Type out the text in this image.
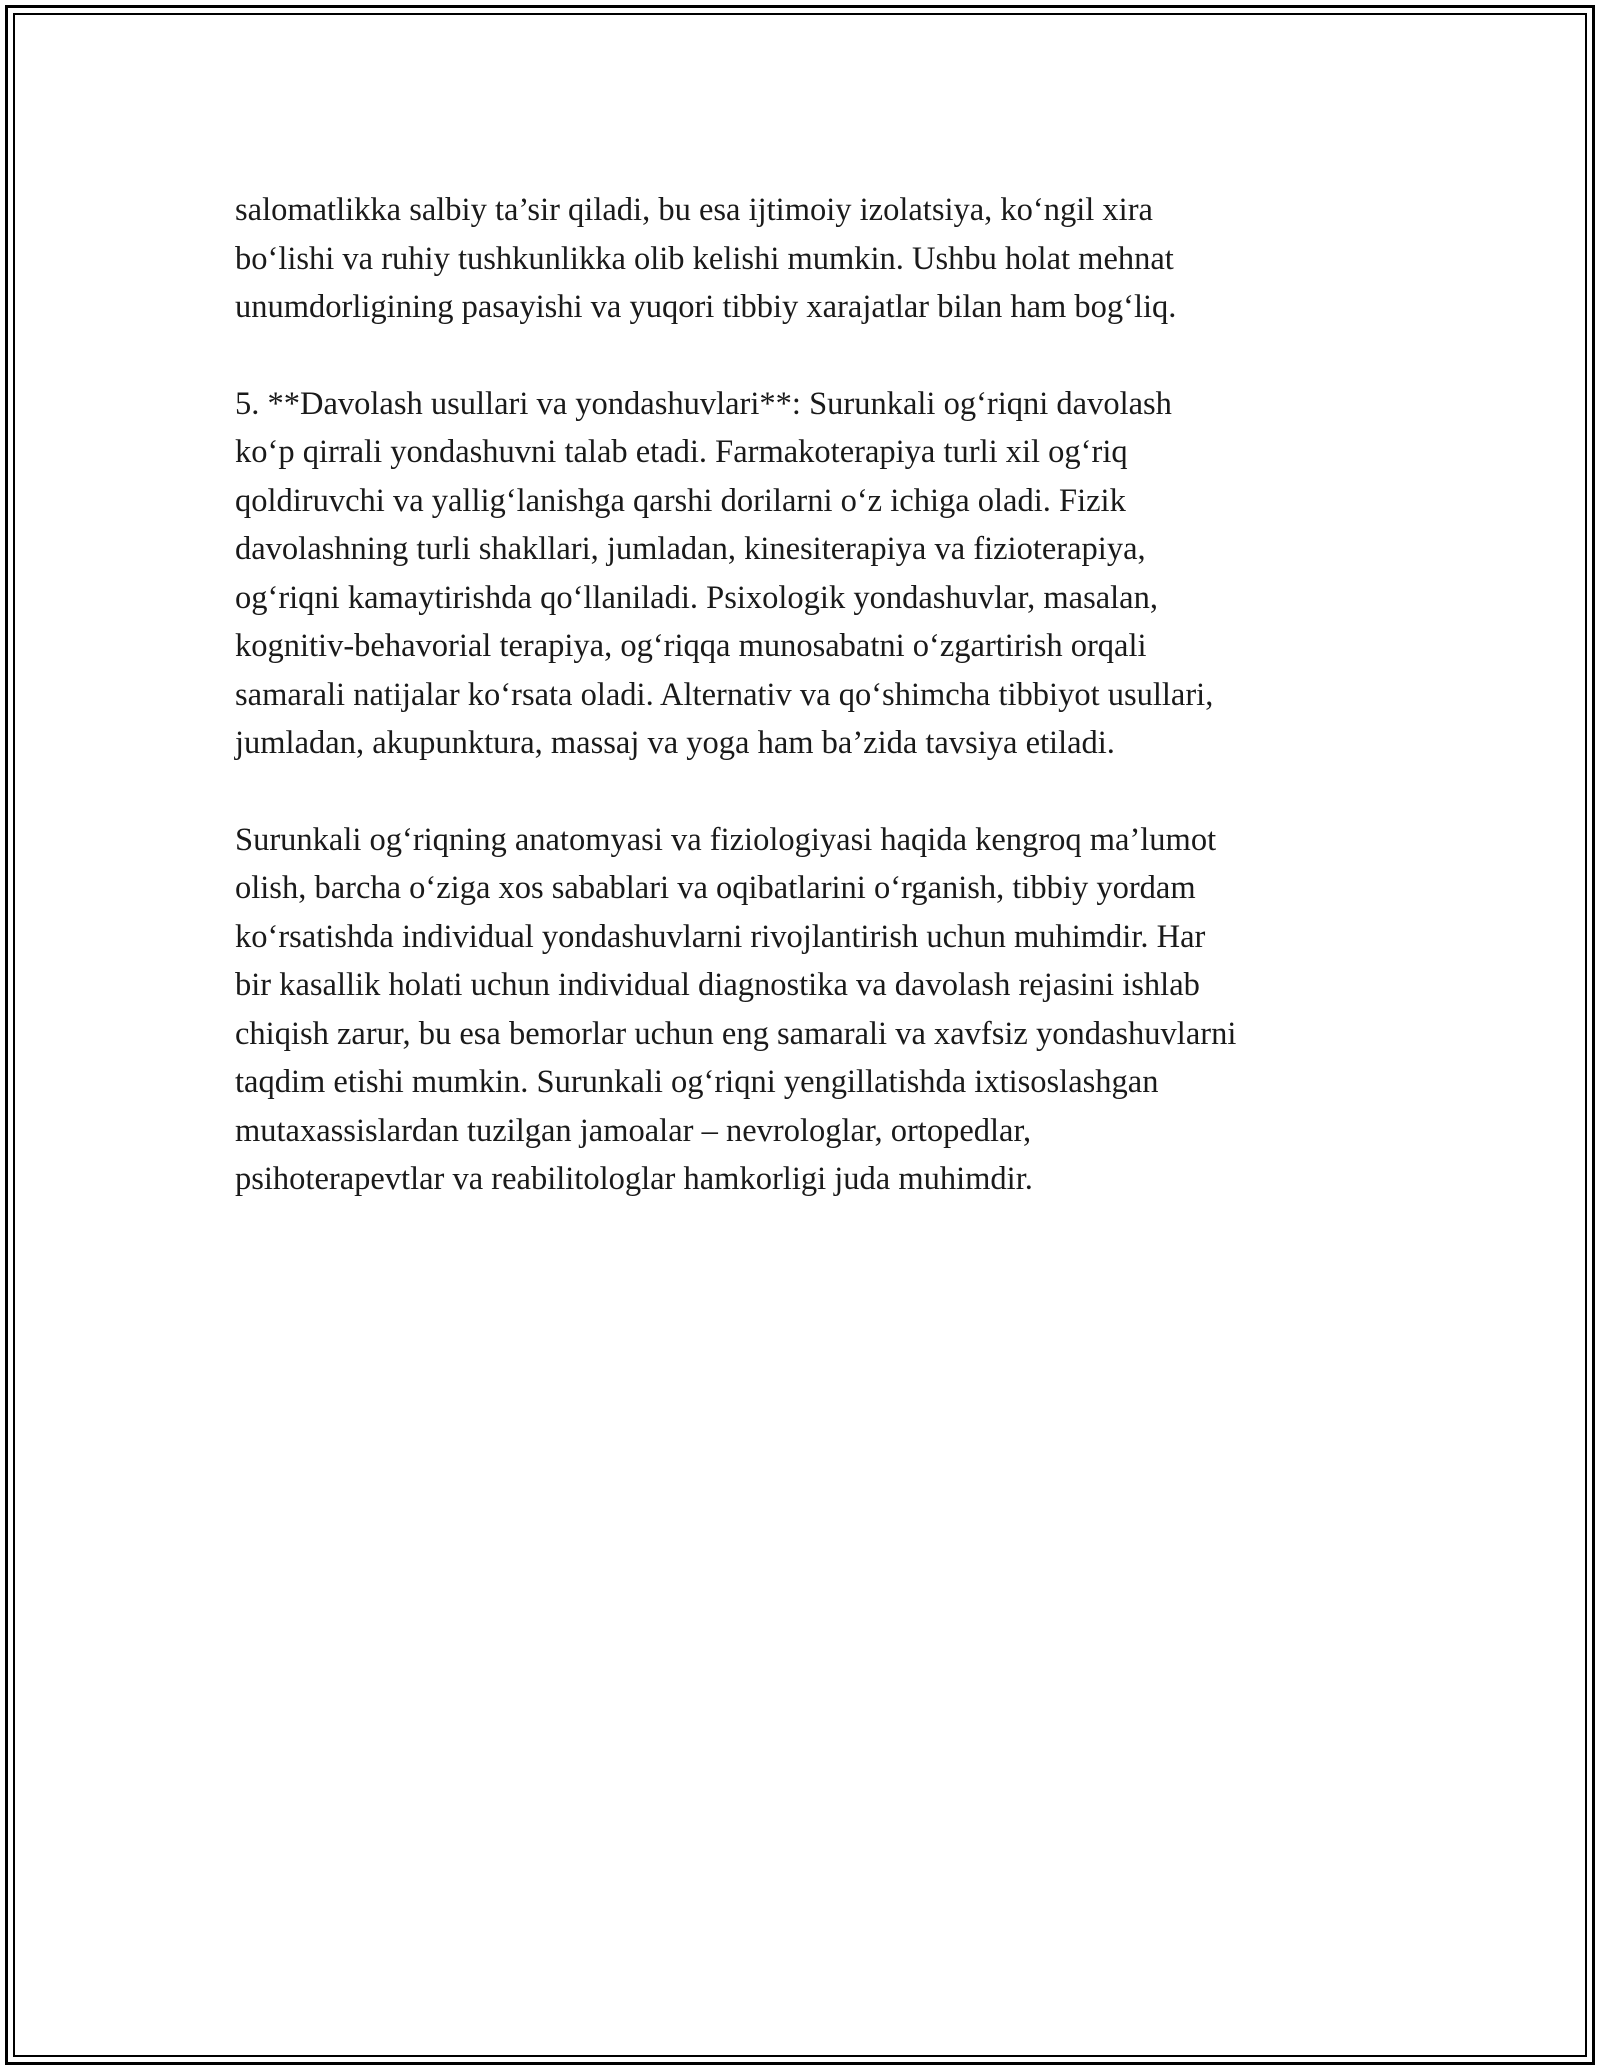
salomatlikka salbiy ta’sir qiladi, bu esa ijtimoiy izolatsiya, ko‘ngil xira
bo‘lishi va ruhiy tushkunlikka olib kelishi mumkin. Ushbu holat mehnat
unumdorligining pasayishi va yuqori tibbiy xarajatlar bilan ham bog‘liq.

5. **Davolash usullari va yondashuvlari**: Surunkali og‘riqni davolash
ko‘p qirrali yondashuvni talab etadi. Farmakoterapiya turli xil og‘riq
qoldiruvchi va yallig‘lanishga qarshi dorilarni o‘z ichiga oladi. Fizik
davolashning turli shakllari, jumladan, kinesiterapiya va fizioterapiya,
og‘riqni kamaytirishda qo‘llaniladi. Psixologik yondashuvlar, masalan,
kognitiv-behavorial terapiya, og‘riqqa munosabatni o‘zgartirish orqali
samarali natijalar ko‘rsata oladi. Alternativ va qo‘shimcha tibbiyot usullari,
jumladan, akupunktura, massaj va yoga ham ba’zida tavsiya etiladi.

Surunkali og‘riqning anatomyasi va fiziologiyasi haqida kengroq ma’lumot
olish, barcha o‘ziga xos sabablari va oqibatlarini o‘rganish, tibbiy yordam
ko‘rsatishda individual yondashuvlarni rivojlantirish uchun muhimdir. Har
bir kasallik holati uchun individual diagnostika va davolash rejasini ishlab
chiqish zarur, bu esa bemorlar uchun eng samarali va xavfsiz yondashuvlarni
taqdim etishi mumkin. Surunkali og‘riqni yengillatishda ixtisoslashgan
mutaxassislardan tuzilgan jamoalar – nevrologlar, ortopedlar,
psihoterapevtlar va reabilitologlar hamkorligi juda muhimdir.
